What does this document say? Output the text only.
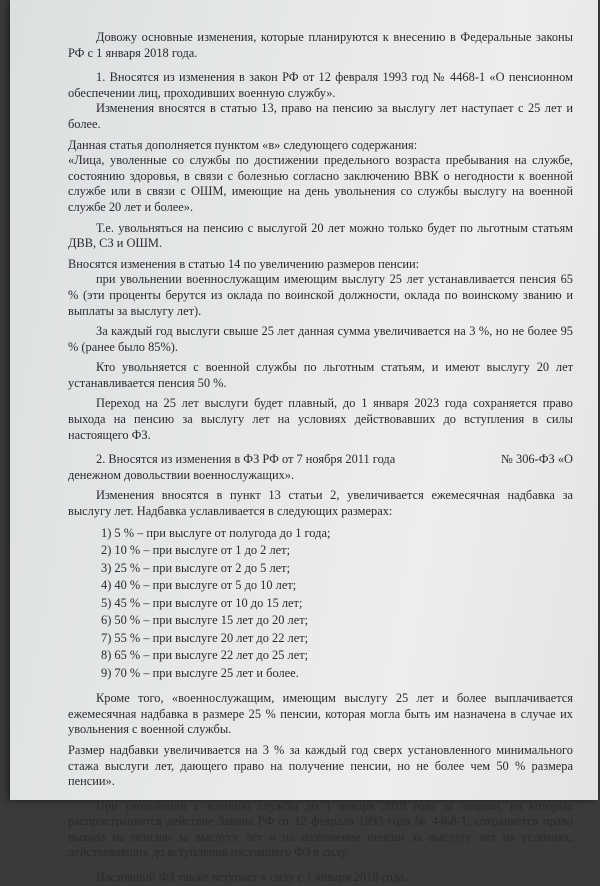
Довожу основные изменения, которые планируются к внесению в Федеральные законы РФ с 1 января 2018 года.

1. Вносятся из изменения в закон РФ от 12 февраля 1993 год № 4468-1 «О пенсионном обеспечении лиц, проходивших военную службу».

Изменения вносятся в статью 13, право на пенсию за выслугу лет наступает с 25 лет и более.

Данная статья дополняется пунктом «в» следующего содержания:

«Лица, уволенные со службы по достижении предельного возраста пребывания на службе, состоянию здоровья, в связи с болезнью согласно заключению ВВК о негодности к военной службе или в связи с ОШМ, имеющие на день увольнения со службы выслугу на военной службе 20 лет и более».

Т.е. увольняться на пенсию с выслугой 20 лет можно только будет по льготным статьям ДВВ, СЗ и ОШМ.

Вносятся изменения в статью 14 по увеличению размеров пенсии:

при увольнении военнослужащим имеющим выслугу 25 лет устанавливается пенсия 65 % (эти проценты берутся из оклада по воинской должности, оклада по воинскому званию и выплаты за выслугу лет).

За каждый год выслуги свыше 25 лет данная сумма увеличивается на 3 %, но не более 95 % (ранее было 85%).

Кто увольняется с военной службы по льготным статьям, и имеют выслугу 20 лет устанавливается пенсия 50 %.

Переход на 25 лет выслуги будет плавный, до 1 января 2023 года сохраняется право выхода на пенсию за выслугу лет на условиях действовавших до вступления в силы настоящего ФЗ.

2. Вносятся из изменения в ФЗ РФ от 7 ноября 2011 года	№ 306-ФЗ «О

денежном довольствии военнослужащих».

Изменения вносятся в пункт 13 статьи 2, увеличивается ежемесячная надбавка за выслугу лет. Надбавка уславливается в следующих размерах:

1) 5 % – при выслуге от полугода до 1 года;

2) 10 % – при выслуге от 1 до 2 лет;

3) 25 % – при выслуге от 2 до 5 лет;

4) 40 % – при выслуге от 5 до 10 лет;

5) 45 % – при выслуге от 10 до 15 лет;

6) 50 % – при выслуге 15 лет до 20 лет;

7) 55 % – при выслуге 20 лет до 22 лет;

8) 65 % – при выслуге 22 лет до 25 лет;

9) 70 % – при выслуге 25 лет и более.

Кроме того, «военнослужащим, имеющим выслугу 25 лет и более выплачивается ежемесячная надбавка в размере 25 % пенсии, которая могла быть им назначена в случае их увольнения с военной службы.

Размер надбавки увеличивается на 3 % за каждый год сверх установленного минимального стажа выслуги лет, дающего право на получение пенсии, но не более чем 50 % размера пенсии».

При увольнении с военной службы до 1 января 2019 года за лицами, на которых распространяется действие Закона РФ от 12 февраля 1993 года № 4468-1, сохраняется право выхода на пенсию за выслугу лет и на назначение пенсии за выслугу лет на условиях, действовавших до вступления настоящего ФЗ в силу.

Настоящий ФЗ также вступает в силу с 1 января 2018 года.
